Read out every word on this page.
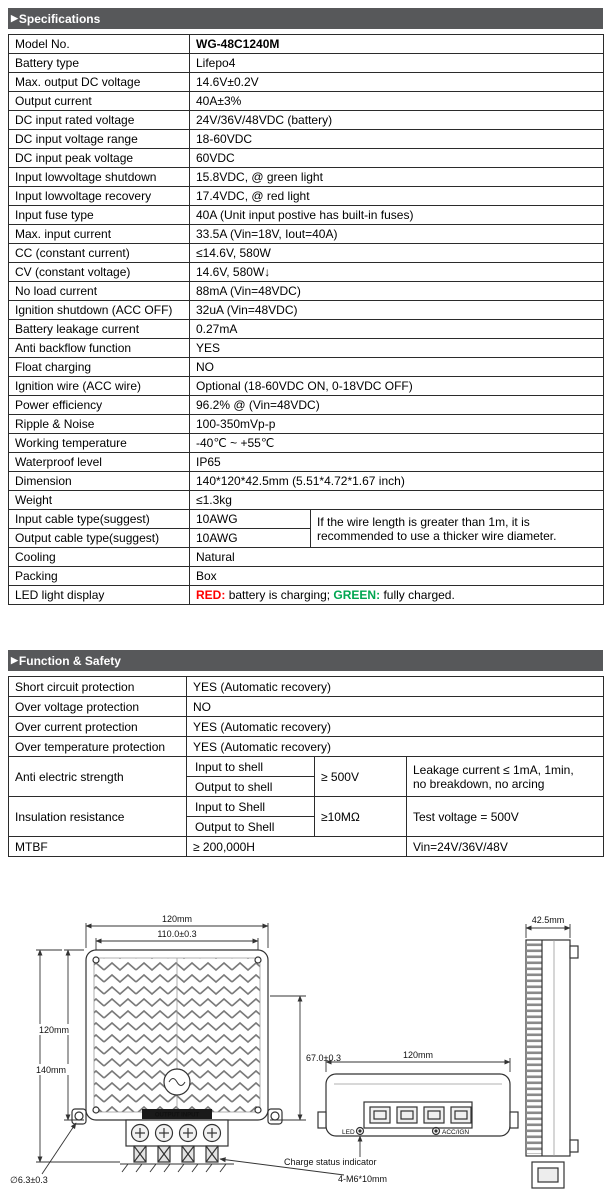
▶ Specifications
Model No.	WG-48C1240M	
Battery type	Lifepo4	
Max. output DC voltage	14.6V±0.2V	
Output current	40A±3%	
DC input rated voltage	24V/36V/48VDC (battery)	
DC input voltage range	18-60VDC	
DC input peak voltage	60VDC	
Input lowvoltage shutdown	15.8VDC, @ green light	
Input lowvoltage recovery	17.4VDC, @ red light	
Input fuse type	40A (Unit input postive has built-in fuses)	
Max. input current	33.5A (Vin=18V, Iout=40A)	
CC (constant current)	≤14.6V, 580W	
CV (constant voltage)	14.6V, 580W↓	
No load current	88mA (Vin=48VDC)	
Ignition shutdown (ACC OFF)	32uA (Vin=48VDC)	
Battery leakage current	0.27mA	
Anti backflow function	YES	
Float charging	NO	
Ignition wire (ACC wire)	Optional (18-60VDC ON, 0-18VDC OFF)	
Power efficiency	96.2% @ (Vin=48VDC)	
Ripple & Noise	100-350mVp-p	
Working temperature	-40℃ ~ +55℃	
Waterproof level	IP65	
Dimension	140*120*42.5mm (5.51*4.72*1.67 inch)	
Weight	≤1.3kg	
Input cable type(suggest)	10AWG	If the wire length is greater than 1m, it is recommended to use a thicker wire diameter.
Output cable type(suggest)	10AWG	
Cooling	Natural	
Packing	Box	
LED light display	RED: battery is charging; GREEN: fully charged.	
▶ Function & Safety
Short circuit protection	YES (Automatic recovery)		
Over voltage protection	NO		
Over current protection	YES (Automatic recovery)		
Over temperature protection	YES (Automatic recovery)		
Anti electric strength	Input to shell	≥ 500V	Leakage current ≤ 1mA, 1min,
no breakdown, no arcing

	Output to shell		
Insulation resistance	Input to Shell	≥10MΩ	Test voltage = 500V
	Output to Shell		
MTBF	≥ 200,000H		Vin=24V/36V/48V
120mm
110.0±0.3
120mm
140mm
67.0±0.3
OUTPUT INPUT
∅6.3±0.3	4-M6*10mm
120mm
LED	ACC/IGN
Charge status indicator
42.5mm
